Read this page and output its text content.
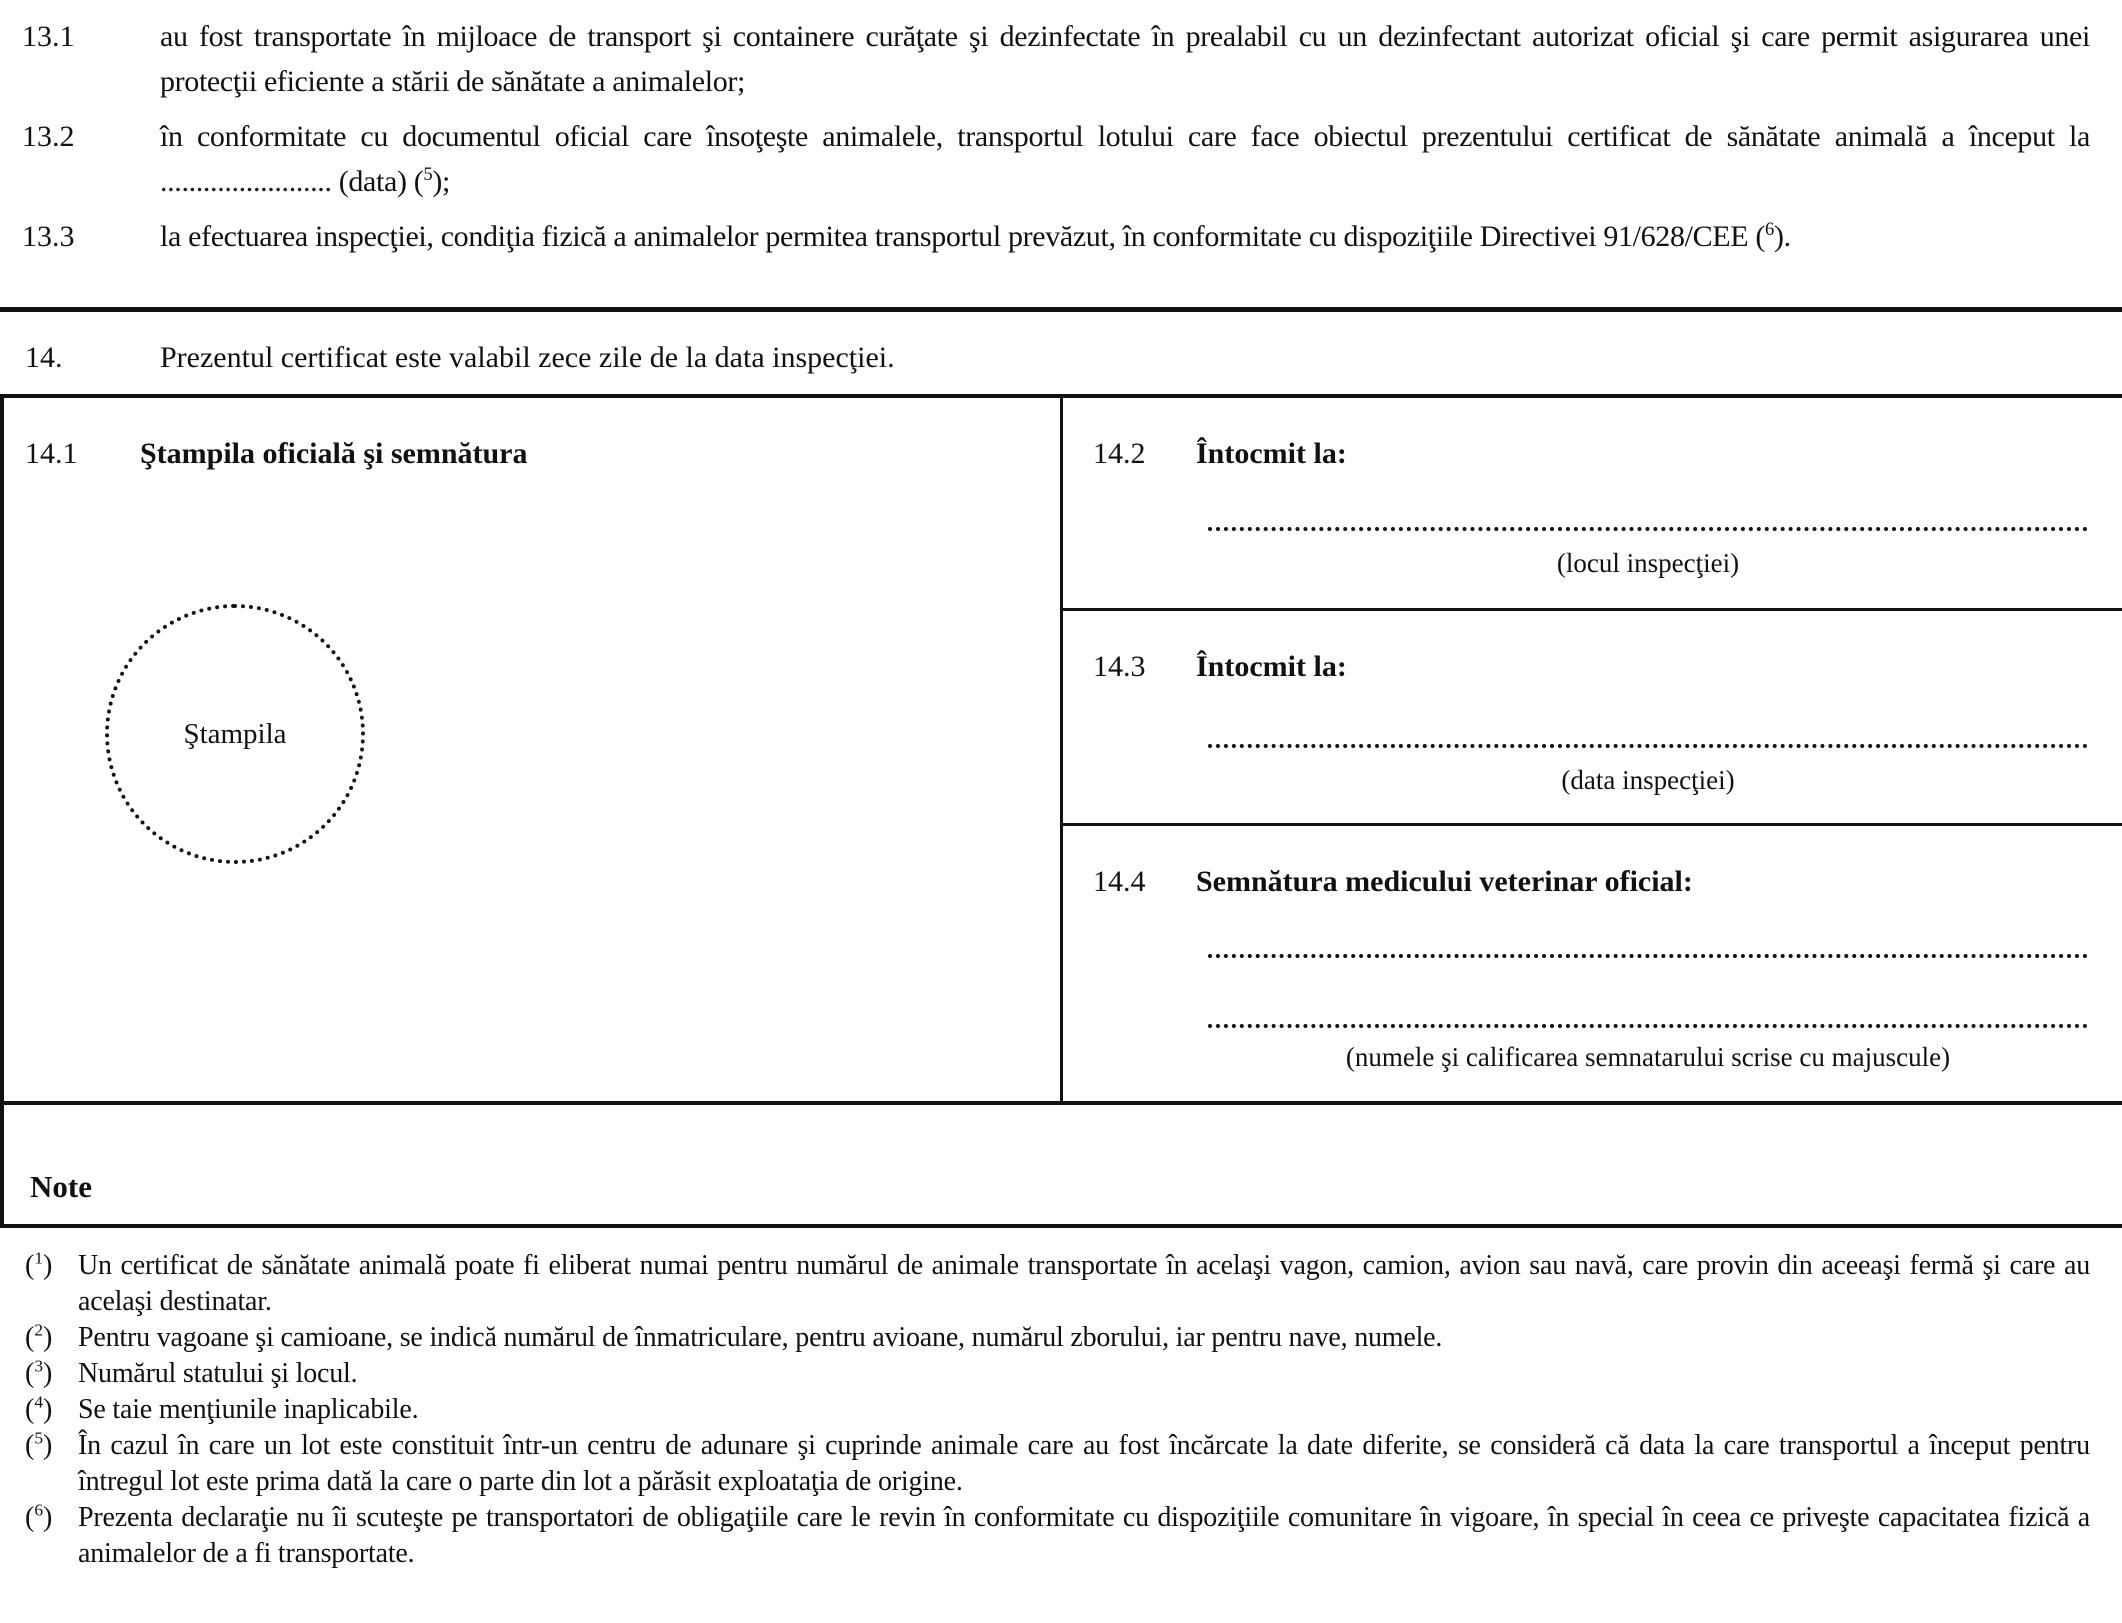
13.1	au fost transportate în mijloace de transport şi containere curăţate şi dezinfectate în prealabil cu un dezinfectant autorizat oficial şi care permit asigurarea unei protecţii eficiente a stării de sănătate a animalelor;

13.2	în conformitate cu documentul oficial care însoţeşte animalele, transportul lotului care face obiectul prezentului certificat de sănătate animală a început la ........................ (data) ($^5$);

13.3	la efectuarea inspecţiei, condiţia fizică a animalelor permitea transportul prevăzut, în conformitate cu dispoziţiile Directivei 91/628/CEE ($^6$).

14.	Prezentul certificat este valabil zece zile de la data inspecţiei.
14.1 Ştampila oficială şi semnătura
Ştampila
14.2 Întocmit la:
(locul inspecţiei)
14.3 Întocmit la:
(data inspecţiei)
14.4 Semnătura medicului veterinar oficial:
(numele şi calificarea semnatarului scrise cu majuscule)
Note
($^1$) Un certificat de sănătate animală poate fi eliberat numai pentru numărul de animale transportate în acelaşi vagon, camion, avion sau navă, care provin din aceeaşi fermă şi care au acelaşi destinatar.

($^2$) Pentru vagoane şi camioane, se indică numărul de înmatriculare, pentru avioane, numărul zborului, iar pentru nave, numele.

($^3$) Numărul statului şi locul.

($^4$) Se taie menţiunile inaplicabile.

($^5$) În cazul în care un lot este constituit într-un centru de adunare şi cuprinde animale care au fost încărcate la date diferite, se consideră că data la care transportul a început pentru întregul lot este prima dată la care o parte din lot a părăsit exploataţia de origine.

($^6$) Prezenta declaraţie nu îi scuteşte pe transportatori de obligaţiile care le revin în conformitate cu dispoziţiile comunitare în vigoare, în special în ceea ce priveşte capacitatea fizică a animalelor de a fi transportate.
